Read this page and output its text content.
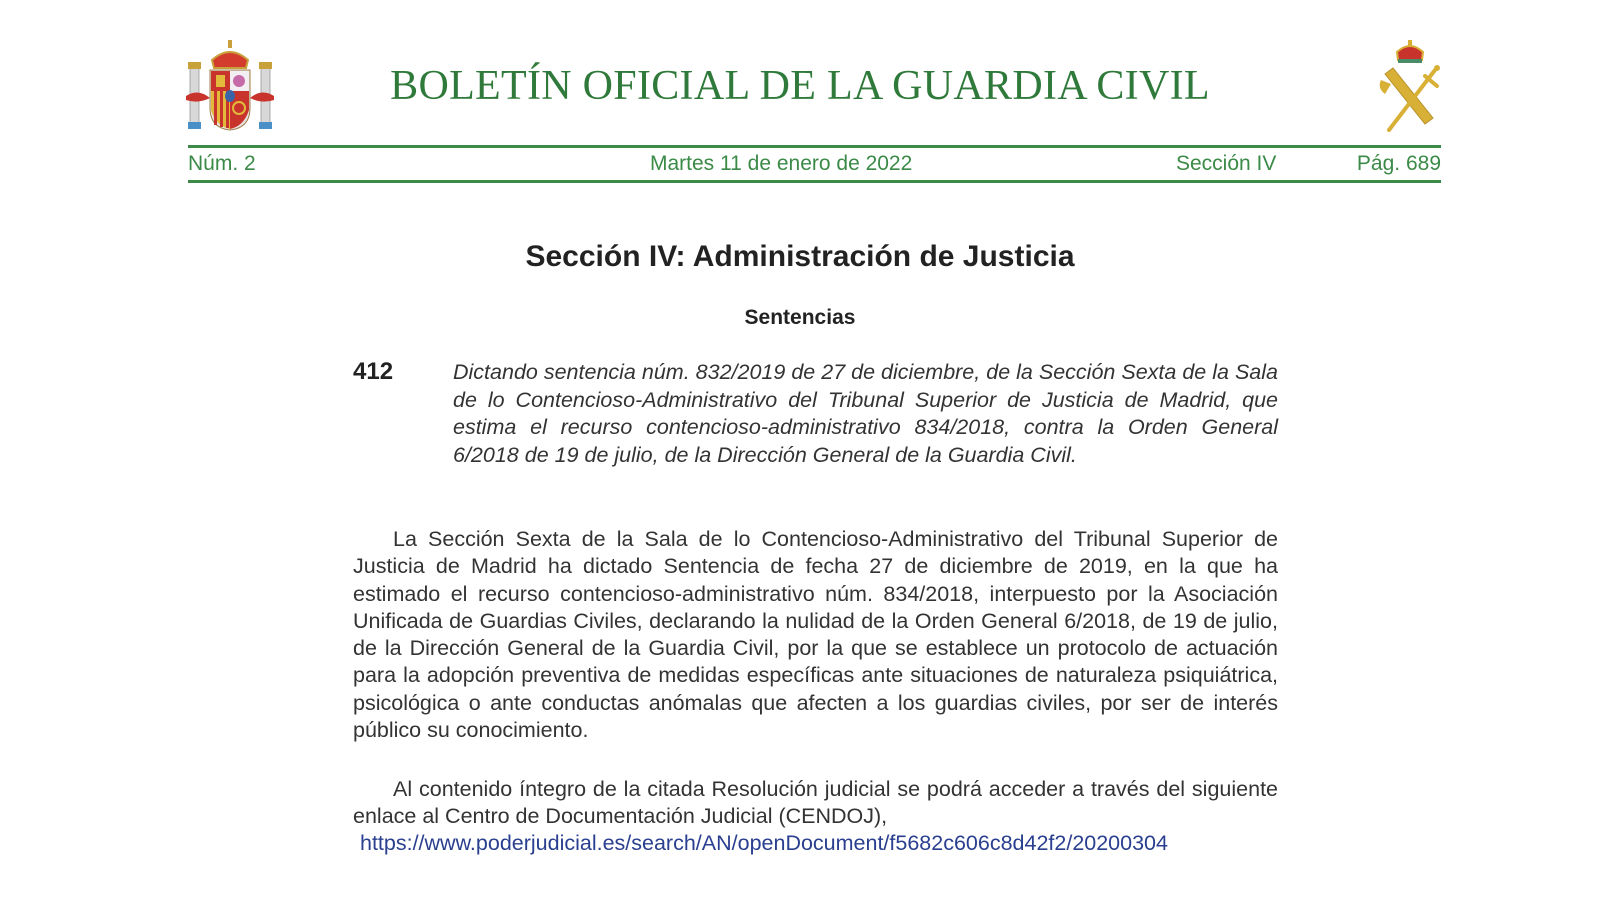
BOLETÍN OFICIAL DE LA GUARDIA CIVIL
Núm. 2	Martes 11 de enero de 2022	Sección IV	Pág. 689
Sección IV: Administración de Justicia
Sentencias
412	Dictando sentencia núm. 832/2019 de 27 de diciembre, de la Sección Sexta de la Sala de lo Contencioso-Administrativo del Tribunal Superior de Justicia de Madrid, que estima el recurso contencioso-administrativo 834/2018, contra la Orden General 6/2018 de 19 de julio, de la Dirección General de la Guardia Civil.

La Sección Sexta de la Sala de lo Contencioso-Administrativo del Tribunal Superior de Justicia de Madrid ha dictado Sentencia de fecha 27 de diciembre de 2019, en la que ha estimado el recurso contencioso-administrativo núm. 834/2018, interpuesto por la Asociación Unificada de Guardias Civiles, declarando la nulidad de la Orden General 6/2018, de 19 de julio, de la Dirección General de la Guardia Civil, por la que se establece un protocolo de actuación para la adopción preventiva de medidas específicas ante situaciones de naturaleza psiquiátrica, psicológica o ante conductas anómalas que afecten a los guardias civiles, por ser de interés público su conocimiento.

Al contenido íntegro de la citada Resolución judicial se podrá acceder a través del siguiente enlace al Centro de Documentación Judicial (CENDOJ),

https://www.poderjudicial.es/search/AN/openDocument/f5682c606c8d42f2/20200304
